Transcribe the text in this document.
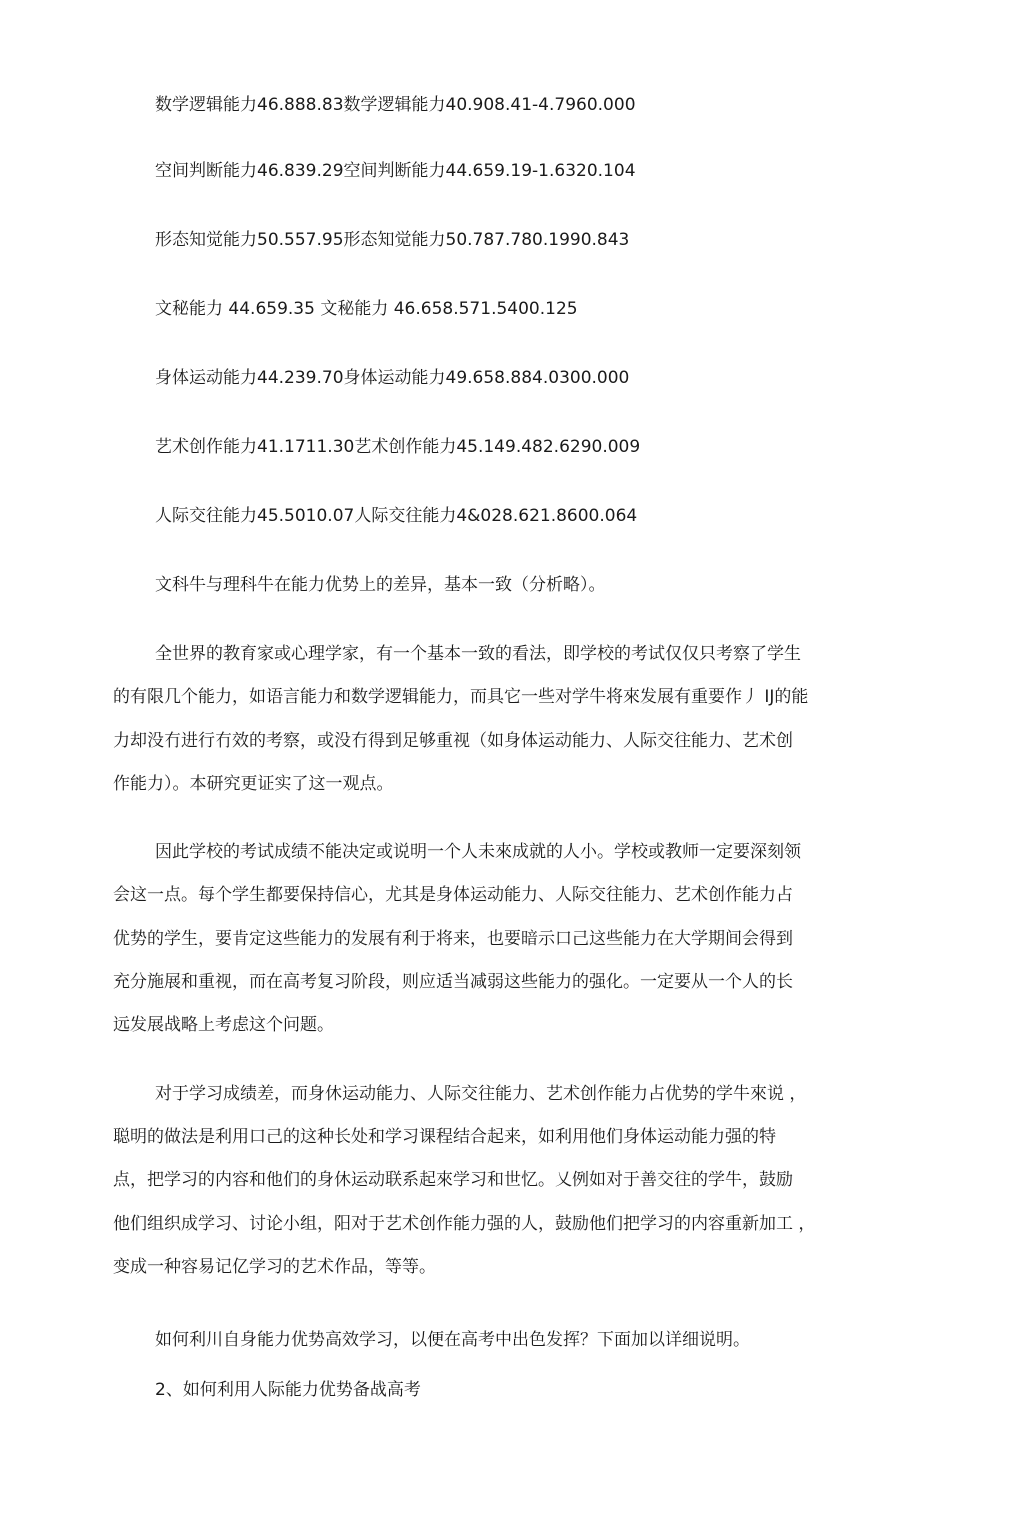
数学逻辑能力46.888.83数学逻辑能力40.908.41-4.7960.000
空间判断能力46.839.29空间判断能力44.659.19-1.6320.104
形态知觉能力50.557.95形态知觉能力50.787.780.1990.843
文秘能力 44.659.35 文秘能力 46.658.571.5400.125
身体运动能力44.239.70身体运动能力49.658.884.0300.000
艺术创作能力41.1711.30艺术创作能力45.149.482.6290.009
人际交往能力45.5010.07人际交往能力4&028.621.8600.064
文科牛与理科牛在能力优势上的差异，基本一致（分析略）。
全世界的教育家或心理学家，有一个基本一致的看法，即学校的考试仅仅只考察了学生
的有限几个能力，如语言能力和数学逻辑能力，而具它一些对学牛将來发展有重要作丿 IJ的能
力却没冇进行冇效的考察，或没冇得到足够重视（如身体运动能力、人际交往能力、艺术创
作能力）。本研究更证实了这一观点。
因此学校的考试成绩不能决定或说明一个人未來成就的人小。学校或教师一定要深刻领
会这一点。每个学生都要保持信心，尤其是身体运动能力、人际交往能力、艺术创作能力占
优势的学生，要肯定这些能力的发展有利于将来，也要暗示口己这些能力在大学期间会得到
充分施展和重视，而在高考复习阶段，则应适当减弱这些能力的强化。一定要从一个人的长
远发展战略上考虑这个问题。
对于学习成绩差，而身休运动能力、人际交往能力、艺术创作能力占优势的学牛來说 ，
聪明的做法是利用口己的这种长处和学习课程结合起来，如利用他们身体运动能力强的特
点，把学习的内容和他们的身休运动联系起來学习和世忆。乂例如对于善交往的学牛，鼓励
他们组织成学习、讨论小组，阳对于艺术创作能力强的人，鼓励他们把学习的内容重新加工 ，
变成一种容易记亿学习的艺术作品，等等。
如何利川自身能力优势高效学习，以便在高考中出色发挥？下面加以详细说明。
2、如何利用人际能力优势备战高考
